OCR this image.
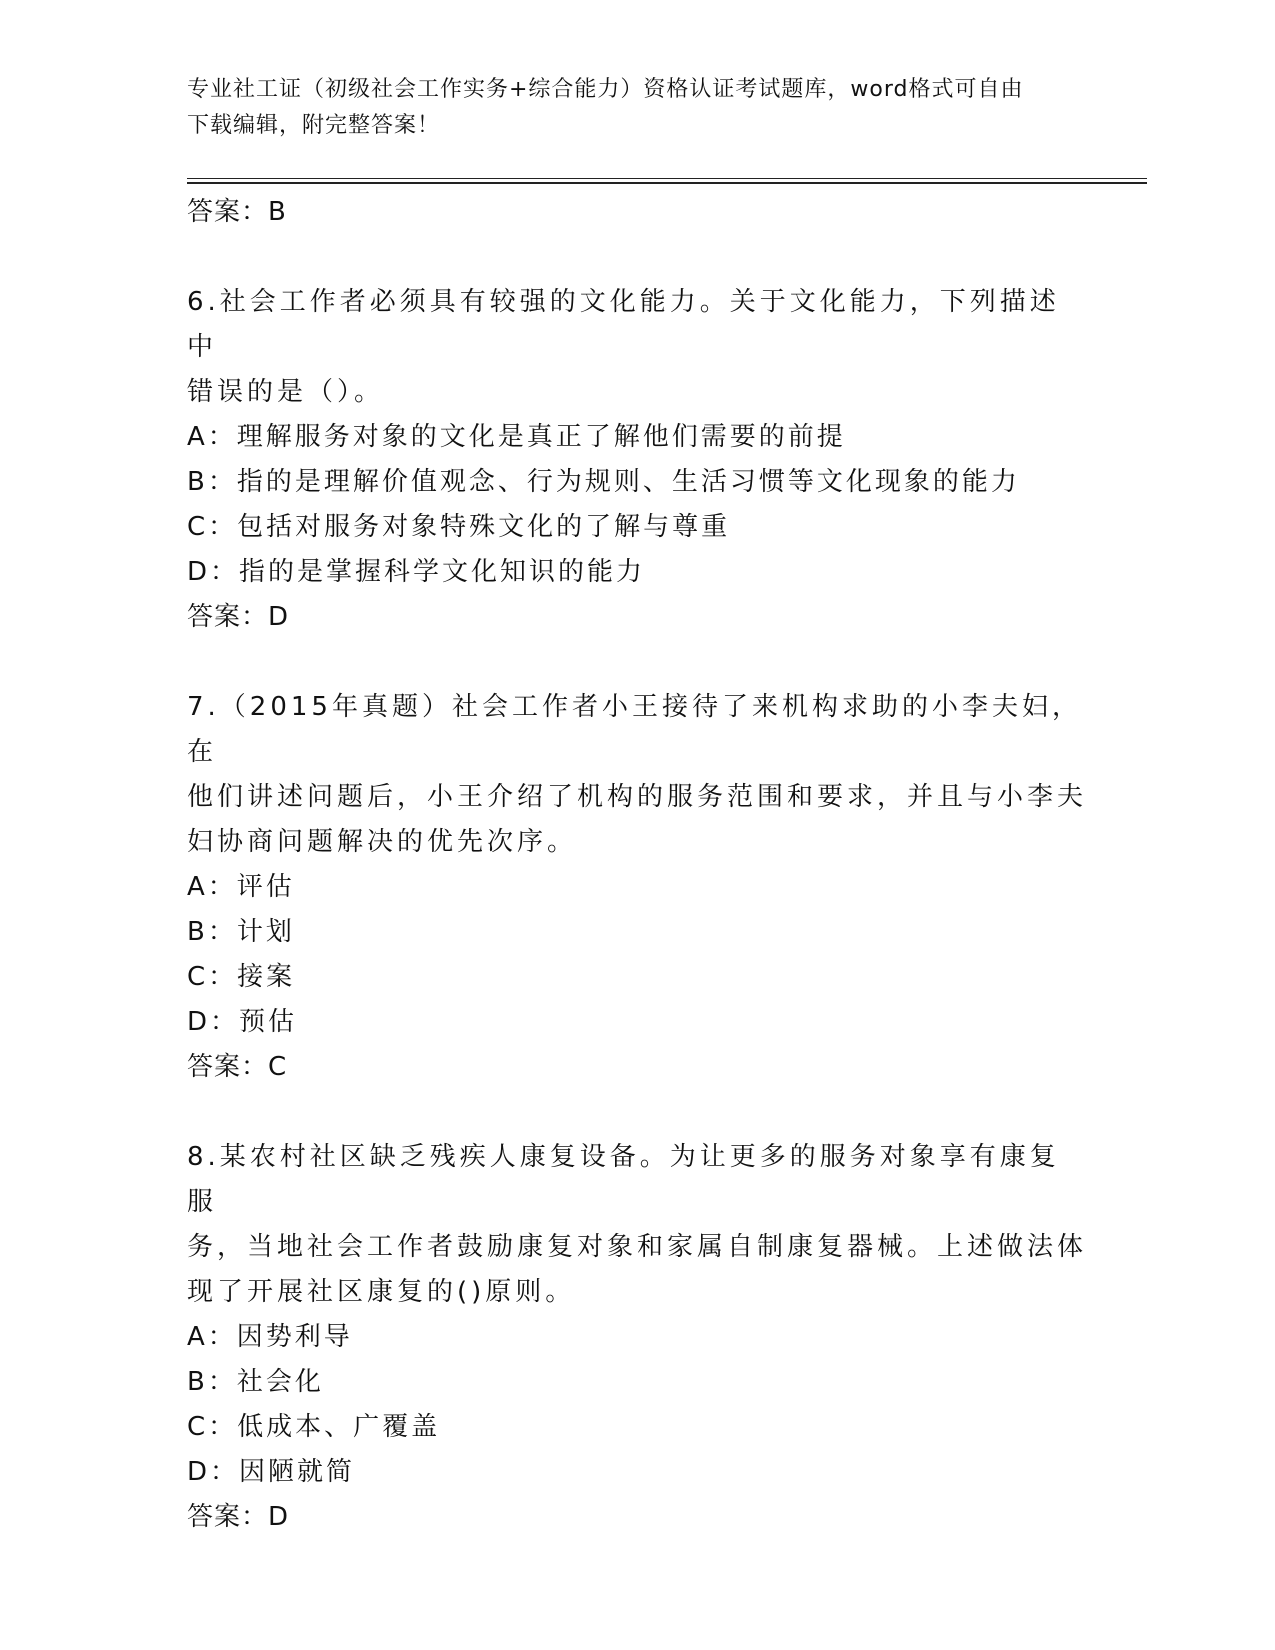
专业社工证（初级社会工作实务+综合能力）资格认证考试题库，word格式可自由
下载编辑，附完整答案！

答案：B

6.社会工作者必须具有较强的文化能力。关于文化能力，下列描述中

错误的是（）。

A：理解服务对象的文化是真正了解他们需要的前提

B：指的是理解价值观念、行为规则、生活习惯等文化现象的能力

C：包括对服务对象特殊文化的了解与尊重

D：指的是掌握科学文化知识的能力

答案：D

7.（2015年真题）社会工作者小王接待了来机构求助的小李夫妇，在

他们讲述问题后，小王介绍了机构的服务范围和要求，并且与小李夫

妇协商问题解决的优先次序。

A：评估

B：计划

C：接案

D：预估

答案：C

8.某农村社区缺乏残疾人康复设备。为让更多的服务对象享有康复服

务，当地社会工作者鼓励康复对象和家属自制康复器械。上述做法体

现了开展社区康复的()原则。

A：因势利导

B：社会化

C：低成本、广覆盖

D：因陋就简

答案：D
